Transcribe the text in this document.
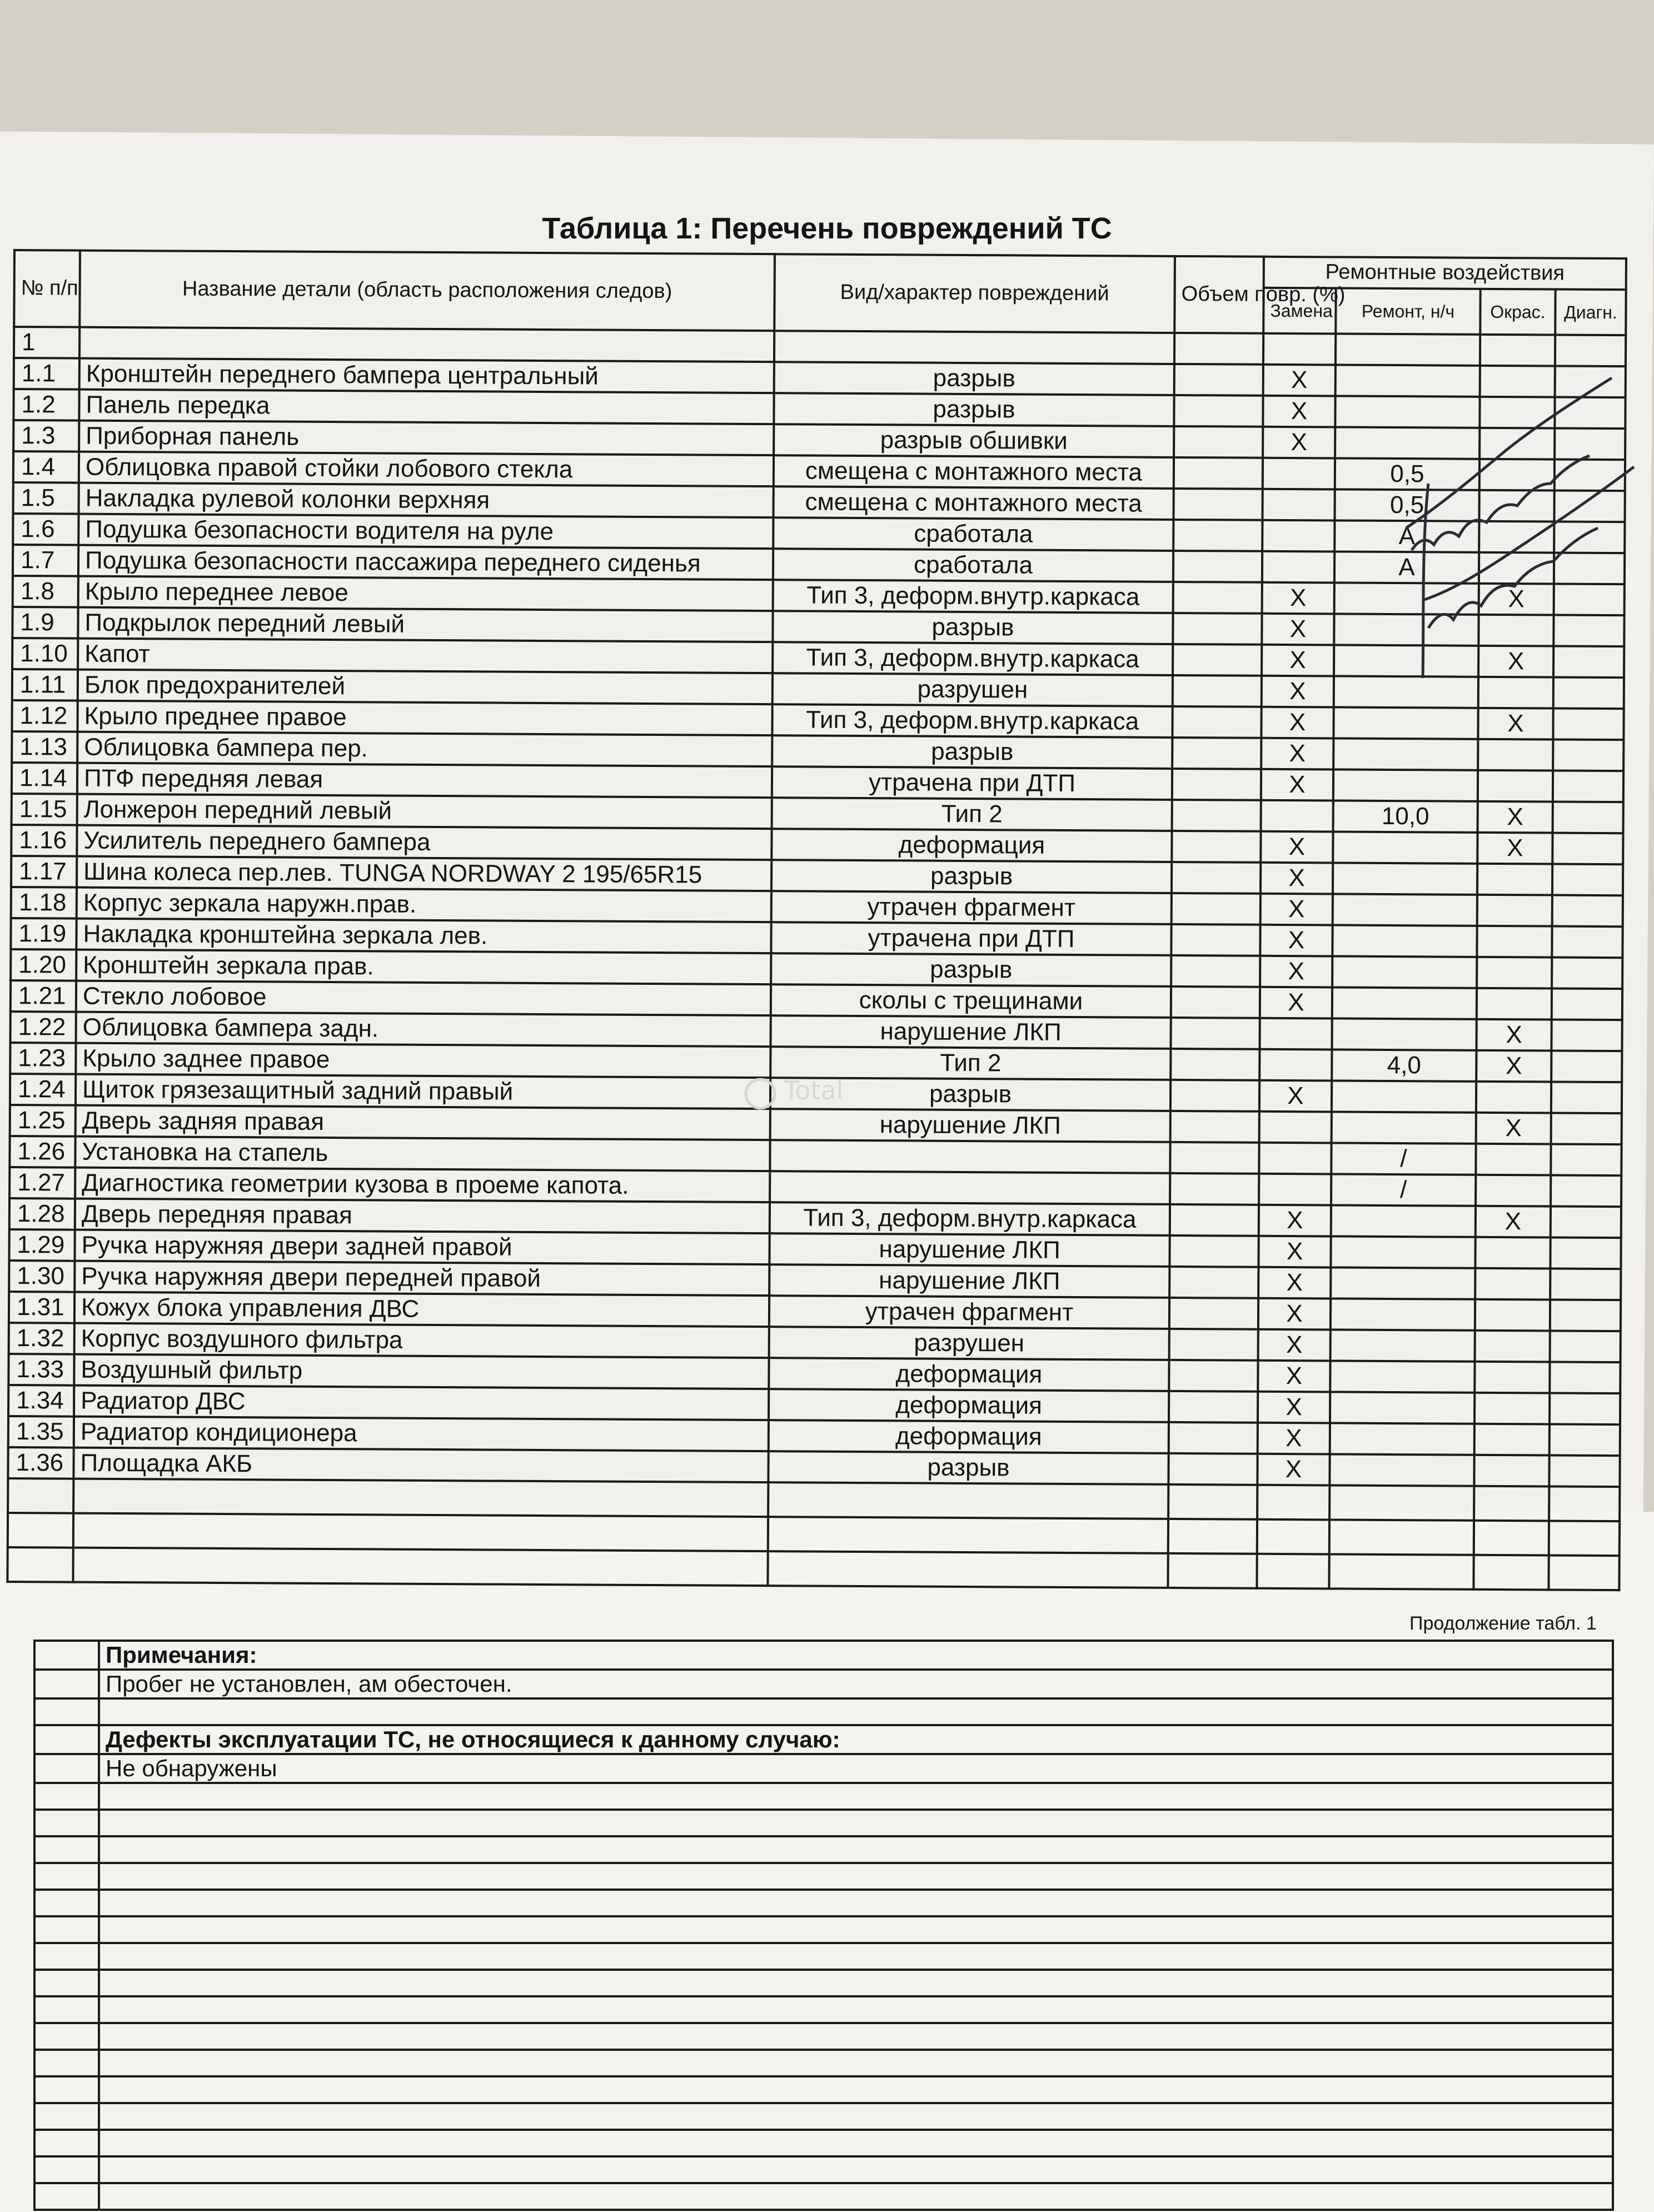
Таблица 1: Перечень повреждений ТС
№ п/п	Название детали (область расположения следов)	Вид/характер повреждений	Объем повр. (%)	Ремонтные воздействия			
				Замена	Ремонт, н/ч	Окрас.	Диагн.
1							
1.1	Кронштейн переднего бампера центральный	разрыв		X			
1.2	Панель передка	разрыв		X			
1.3	Приборная панель	разрыв обшивки		X			
1.4	Облицовка правой стойки лобового стекла	смещена с монтажного места			0,5		
1.5	Накладка рулевой колонки верхняя	смещена с монтажного места			0,5		
1.6	Подушка безопасности водителя на руле	сработала			А		
1.7	Подушка безопасности пассажира переднего сиденья	сработала			А		
1.8	Крыло переднее левое	Тип 3, деформ.внутр.каркаса		X		X	
1.9	Подкрылок передний левый	разрыв		X			
1.10	Капот	Тип 3, деформ.внутр.каркаса		X		X	
1.11	Блок предохранителей	разрушен		X			
1.12	Крыло преднее правое	Тип 3, деформ.внутр.каркаса		X		X	
1.13	Облицовка бампера пер.	разрыв		X			
1.14	ПТФ передняя левая	утрачена при ДТП		X			
1.15	Лонжерон передний левый	Тип 2			10,0	X	
1.16	Усилитель переднего бампера	деформация		X		X	
1.17	Шина колеса пер.лев. TUNGA NORDWAY 2 195/65R15	разрыв		X			
1.18	Корпус зеркала наружн.прав.	утрачен фрагмент		X			
1.19	Накладка кронштейна зеркала лев.	утрачена при ДТП		X			
1.20	Кронштейн зеркала прав.	разрыв		X			
1.21	Стекло лобовое	сколы с трещинами		X			
1.22	Облицовка бампера задн.	нарушение ЛКП				X	
1.23	Крыло заднее правое	Тип 2			4,0	X	
1.24	Щиток грязезащитный задний правый	разрыв		X			
1.25	Дверь задняя правая	нарушение ЛКП				X	
1.26	Установка на стапель				/		
1.27	Диагностика геометрии кузова в проеме капота.				/		
1.28	Дверь передняя правая	Тип 3, деформ.внутр.каркаса		X		X	
1.29	Ручка наружняя двери задней правой	нарушение ЛКП		X			
1.30	Ручка наружняя двери передней правой	нарушение ЛКП		X			
1.31	Кожух блока управления ДВС	утрачен фрагмент		X			
1.32	Корпус воздушного фильтра	разрушен		X			
1.33	Воздушный фильтр	деформация		X			
1.34	Радиатор ДВС	деформация		X			
1.35	Радиатор кондиционера	деформация		X			
1.36	Площадка АКБ	разрыв		X			

Total
Продолжение табл. 1
	Примечания:
	Пробег не установлен, ам обесточен.

	Дефекты эксплуатации ТС, не относящиеся к данному случаю:
	Не обнаружены
